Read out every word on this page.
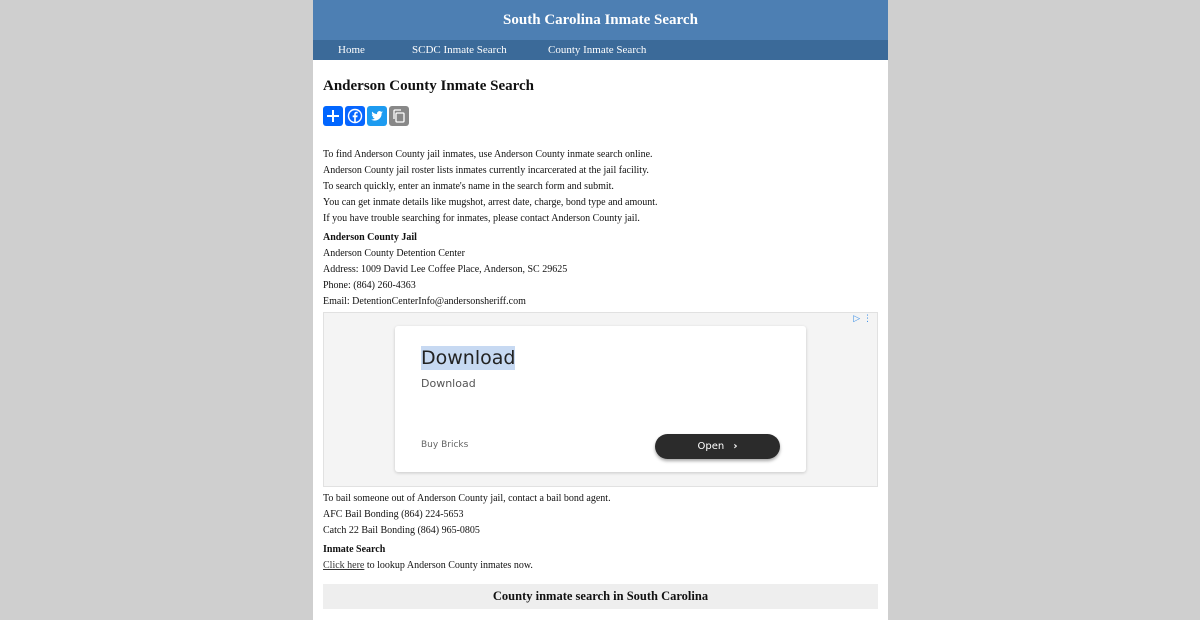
South Carolina Inmate Search
Home	SCDC Inmate Search	County Inmate Search
Anderson County Inmate Search
To find Anderson County jail inmates, use Anderson County inmate search online.
Anderson County jail roster lists inmates currently incarcerated at the jail facility.
To search quickly, enter an inmate's name in the search form and submit.
You can get inmate details like mugshot, arrest date, charge, bond type and amount.
If you have trouble searching for inmates, please contact Anderson County jail.
Anderson County Jail
Anderson County Detention Center
Address: 1009 David Lee Coffee Place, Anderson, SC 29625
Phone: (864) 260-4363
Email: DetentionCenterInfo@andersonsheriff.com
▷ ⋮
Download
Download
Buy Bricks	Open ›
To bail someone out of Anderson County jail, contact a bail bond agent.
AFC Bail Bonding (864) 224-5653
Catch 22 Bail Bonding (864) 965-0805
Inmate Search
Click here to lookup Anderson County inmates now.
County inmate search in South Carolina
